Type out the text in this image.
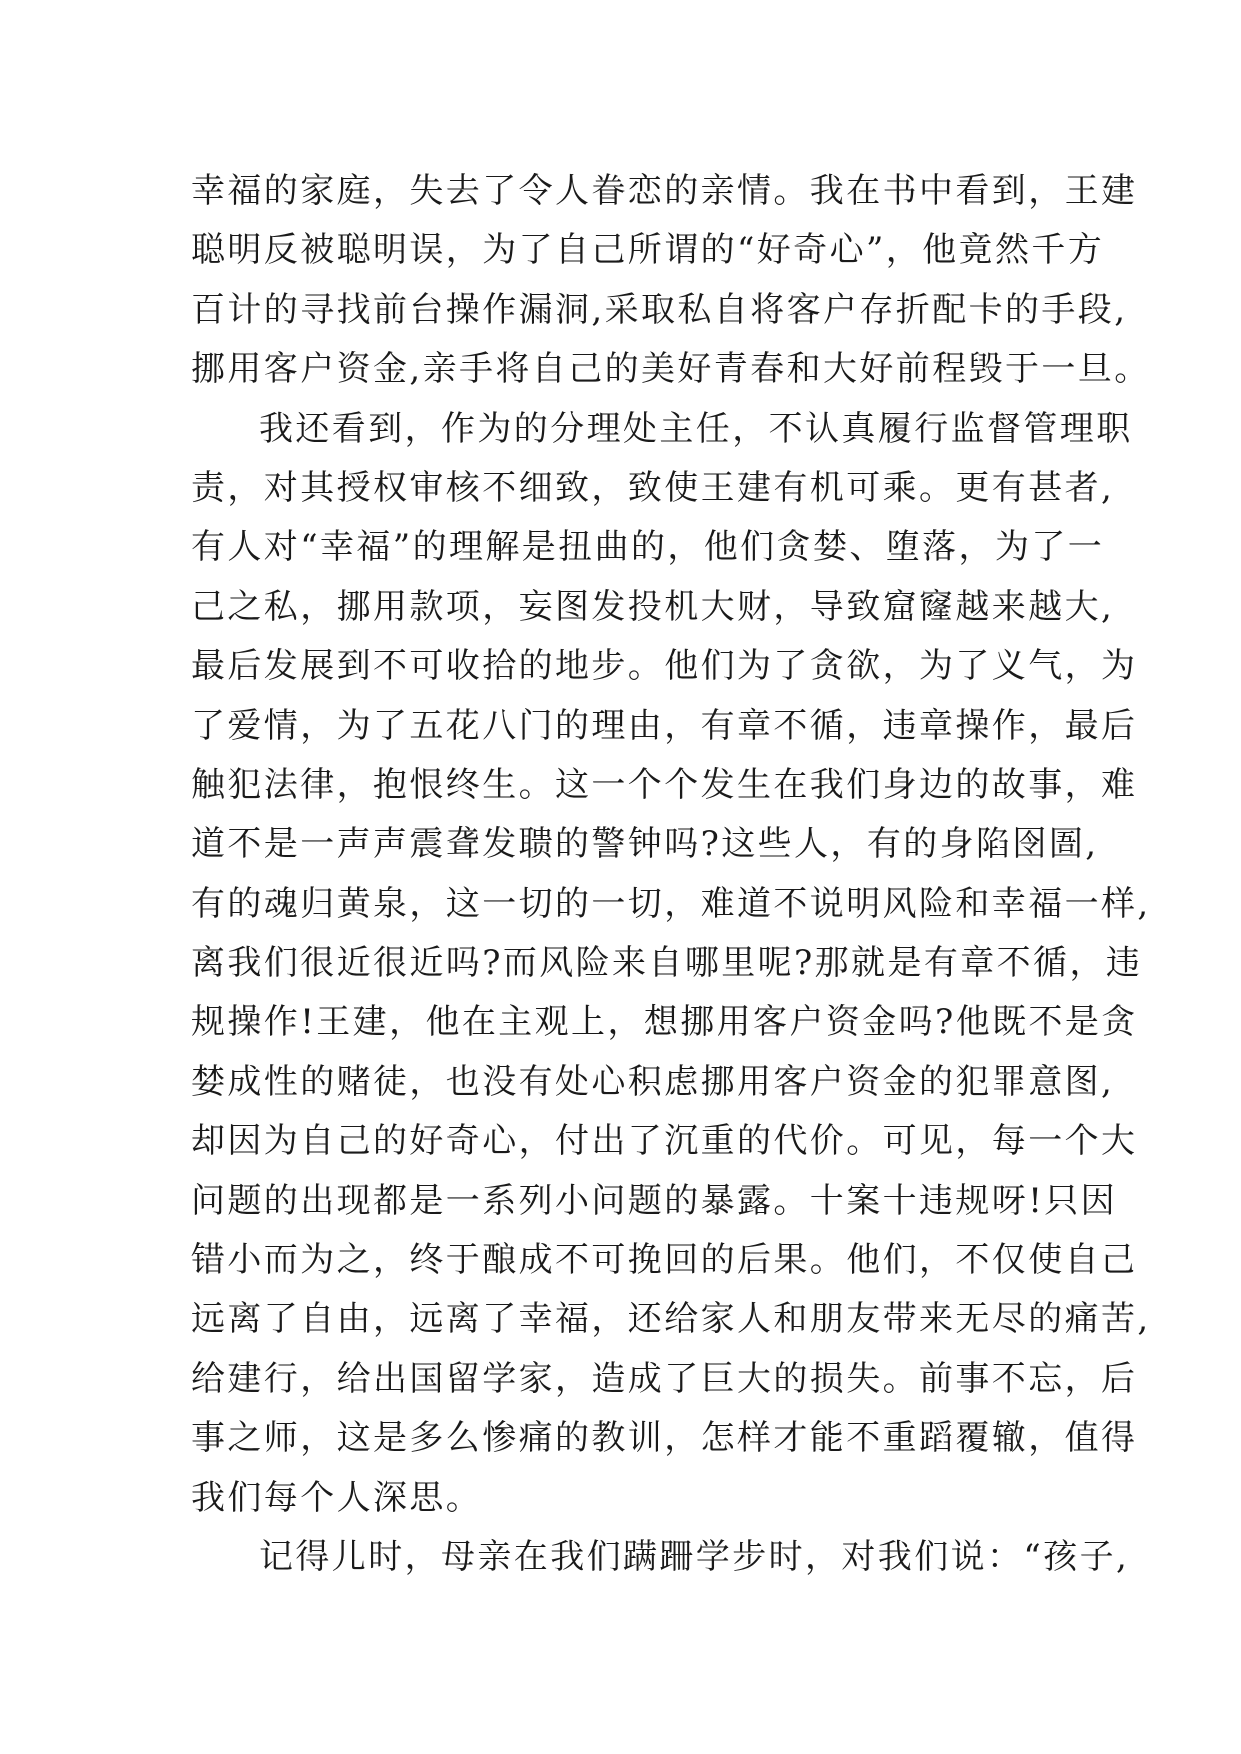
幸福的家庭，失去了令人眷恋的亲情。我在书中看到，王建
聪明反被聪明误，为了自己所谓的“好奇心”，他竟然千方
百计的寻找前台操作漏洞,采取私自将客户存折配卡的手段,
挪用客户资金,亲手将自己的美好青春和大好前程毁于一旦。
我还看到，作为的分理处主任，不认真履行监督管理职
责，对其授权审核不细致，致使王建有机可乘。更有甚者,
有人对“幸福”的理解是扭曲的，他们贪婪、堕落，为了一
己之私，挪用款项，妄图发投机大财，导致窟窿越来越大,
最后发展到不可收拾的地步。他们为了贪欲，为了义气，为
了爱情，为了五花八门的理由，有章不循，违章操作，最后
触犯法律，抱恨终生。这一个个发生在我们身边的故事，难
道不是一声声震聋发聩的警钟吗?这些人，有的身陷囹圄,
有的魂归黄泉，这一切的一切，难道不说明风险和幸福一样,
离我们很近很近吗?而风险来自哪里呢?那就是有章不循，违
规操作!王建，他在主观上，想挪用客户资金吗?他既不是贪
婪成性的赌徒，也没有处心积虑挪用客户资金的犯罪意图,
却因为自己的好奇心，付出了沉重的代价。可见，每一个大
问题的出现都是一系列小问题的暴露。十案十违规呀!只因
错小而为之，终于酿成不可挽回的后果。他们，不仅使自己
远离了自由，远离了幸福，还给家人和朋友带来无尽的痛苦,
给建行，给出国留学家，造成了巨大的损失。前事不忘，后
事之师，这是多么惨痛的教训，怎样才能不重蹈覆辙，值得
我们每个人深思。
记得儿时，母亲在我们蹒跚学步时，对我们说：“孩子,
